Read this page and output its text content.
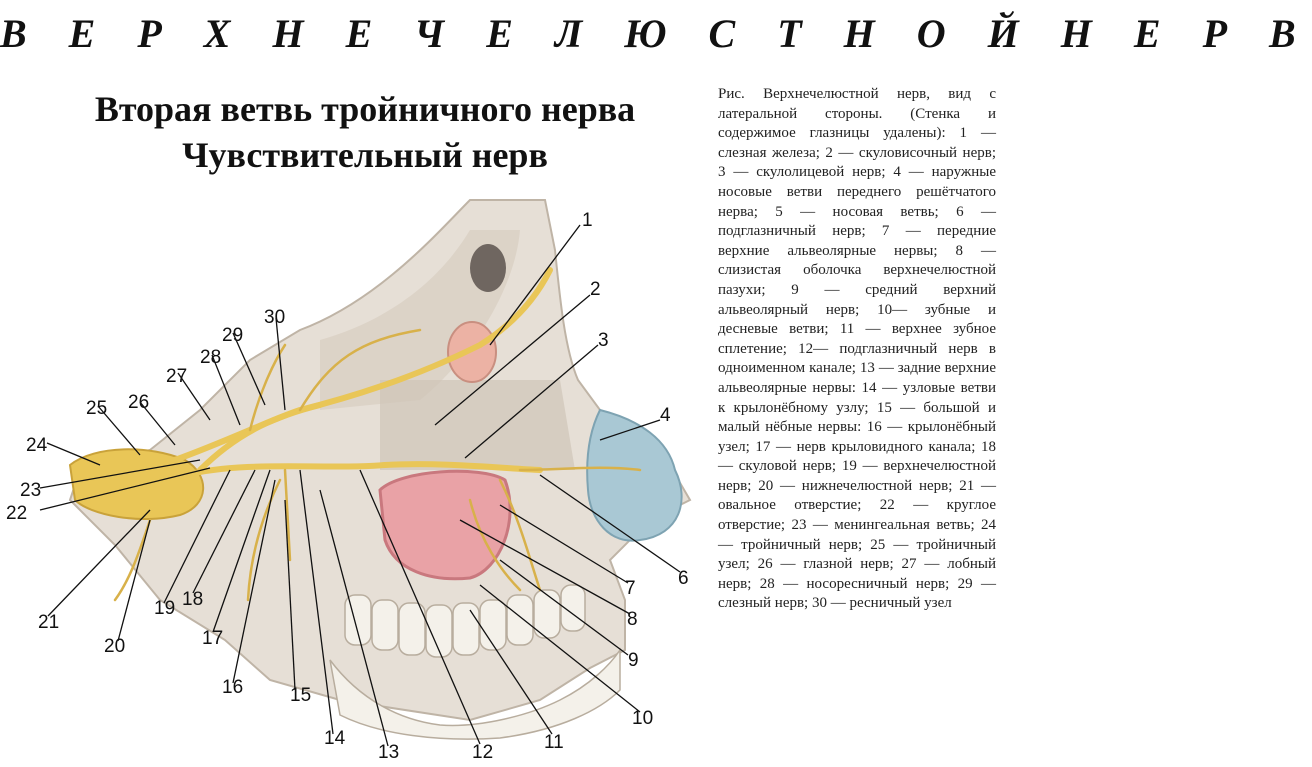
В Е Р Х Н Е Ч Е Л Ю С Т Н О Й Н Е Р В
Вторая ветвь тройничного нерва
Чувствительный нерв
Рис. Верхнечелюстной нерв, вид с латеральной стороны. (Стенка и содержимое глазницы удалены): 1 — слезная железа; 2 — скуловисочный нерв; 3 — скулолицевой нерв; 4 — наружные носовые ветви переднего решётчатого нерва; 5 — носовая ветвь; 6 — подглазничный нерв; 7 — передние верхние альвеолярные нервы; 8 — слизистая оболочка верхнечелюстной пазухи; 9 — средний верхний альвеолярный нерв; 10— зубные и десневые ветви; 11 — верхнее зубное сплетение; 12— подглазничный нерв в одноименном канале; 13 — задние верхние альвеолярные нервы: 14 — узловые ветви к крылонёбному узлу; 15 — большой и малый нёбные нервы: 16 — крылонёбный узел; 17 — нерв крыловидного канала; 18 — скуловой нерв; 19 — верхнечелюстной нерв; 20 — нижнечелюстной нерв; 21 — овальное отверстие; 22 — круглое отверстие; 23 — менингеальная ветвь; 24 — тройничный нерв; 25 — тройничный узел; 26 — глазной нерв; 27 — лобный нерв; 28 — носоресничный нерв; 29 — слезный нерв; 30 — ресничный узел
1
2
3
4
6
7
8
9
10
11
12
13
14
15
16
17
18
19
20
21
22
23
24
25 26
27
28
29
30
